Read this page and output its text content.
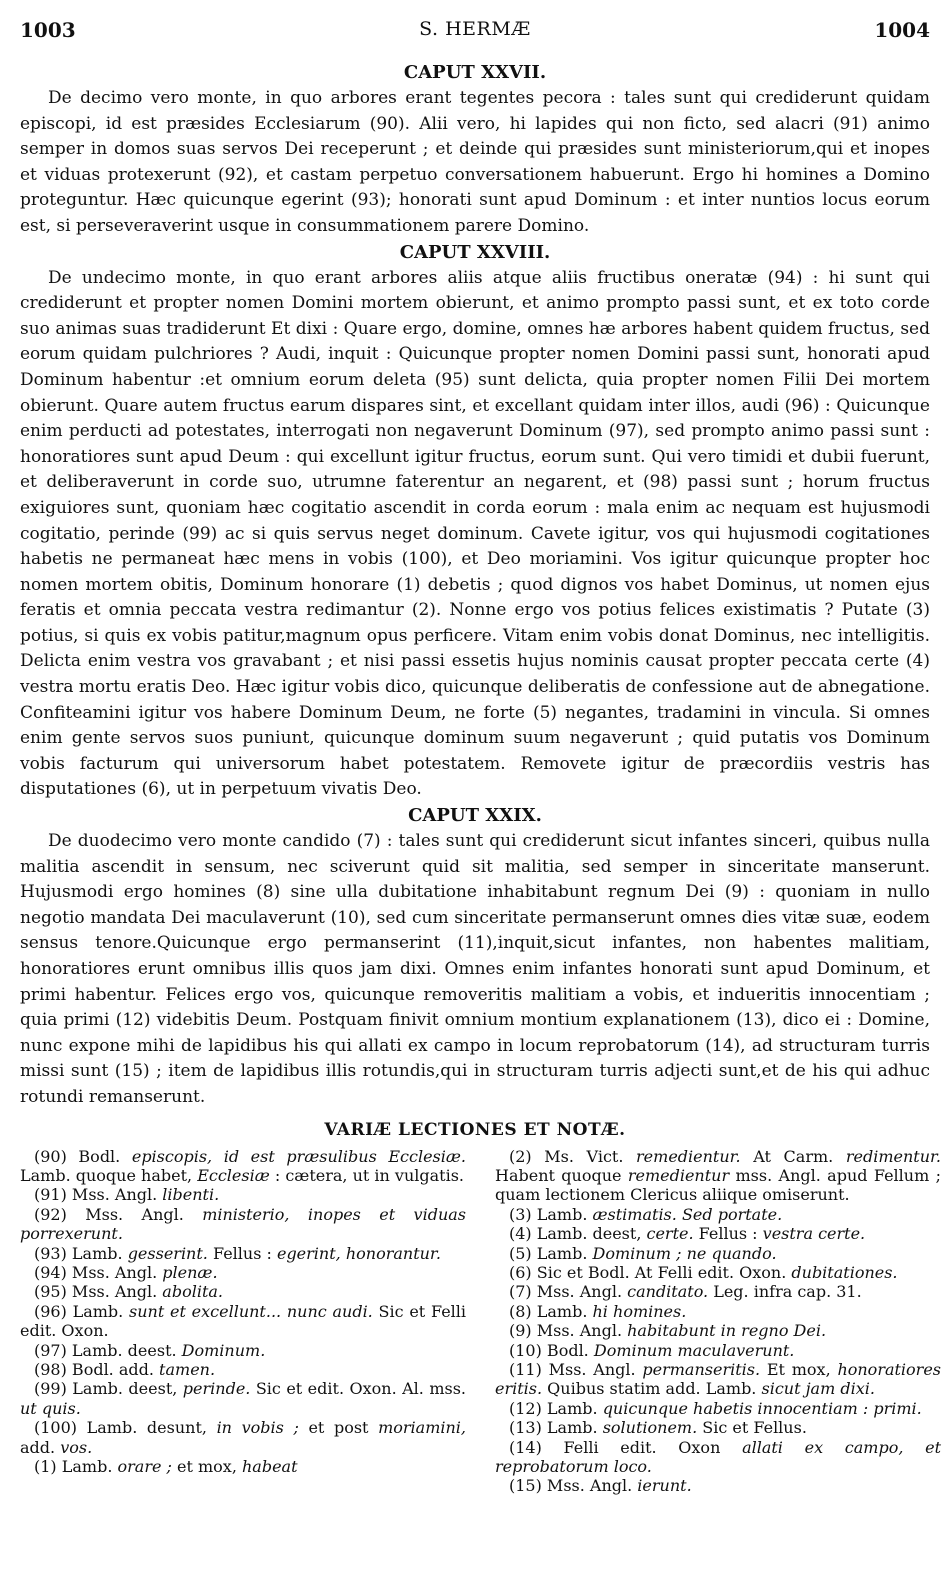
1003	S. HERMÆ	1004
CAPUT XXVII.

De decimo vero monte, in quo arbores erant tegentes pecora : tales sunt qui crediderunt quidam episcopi, id est præsides Ecclesiarum (90). Alii vero, hi lapides qui non ficto, sed alacri (91) animo semper in domos suas servos Dei receperunt ; et deinde qui præsides sunt ministeriorum,qui et inopes et viduas protexerunt (92), et castam perpetuo conversationem habuerunt. Ergo hi homines a Domino proteguntur. Hæc quicunque egerint (93); honorati sunt apud Dominum : et inter nuntios locus eorum est, si perseveraverint usque in consummationem parere Domino.

CAPUT XXVIII.

De undecimo monte, in quo erant arbores aliis atque aliis fructibus oneratæ (94) : hi sunt qui crediderunt et propter nomen Domini mortem obierunt, et animo prompto passi sunt, et ex toto corde suo animas suas tradiderunt Et dixi : Quare ergo, domine, omnes hæ arbores habent quidem fructus, sed eorum quidam pulchriores ? Audi, inquit : Quicunque propter nomen Domini passi sunt, honorati apud Dominum habentur :et omnium eorum deleta (95) sunt delicta, quia propter nomen Filii Dei mortem obierunt. Quare autem fructus earum dispares sint, et excellant quidam inter illos, audi (96) : Quicunque enim perducti ad potestates, interrogati non negaverunt Dominum (97), sed prompto animo passi sunt : honoratiores sunt apud Deum : qui excellunt igitur fructus, eorum sunt. Qui vero timidi et dubii fuerunt, et deliberaverunt in corde suo, utrumne faterentur an negarent, et (98) passi sunt ; horum fructus exiguiores sunt, quoniam hæc cogitatio ascendit in corda eorum : mala enim ac nequam est hujusmodi cogitatio, perinde (99) ac si quis servus neget dominum. Cavete igitur, vos qui hujusmodi cogitationes habetis ne permaneat hæc mens in vobis (100), et Deo moriamini. Vos igitur quicunque propter hoc nomen mortem obitis, Dominum honorare (1) debetis ; quod dignos vos habet Dominus, ut nomen ejus feratis et omnia peccata vestra redimantur (2). Nonne ergo vos potius felices existimatis ? Putate (3) potius, si quis ex vobis patitur,magnum opus perficere. Vitam enim vobis donat Dominus, nec intelligitis. Delicta enim vestra vos gravabant ; et nisi passi essetis hujus nominis causat propter peccata certe (4) vestra mortu eratis Deo. Hæc igitur vobis dico, quicunque deliberatis de confessione aut de abnegatione. Confiteamini igitur vos habere Dominum Deum, ne forte (5) negantes, tradamini in vincula. Si omnes enim gente servos suos puniunt, quicunque dominum suum negaverunt ; quid putatis vos Dominum vobis facturum qui universorum habet potestatem. Removete igitur de præcordiis vestris has disputationes (6), ut in perpetuum vivatis Deo.

CAPUT XXIX.

De duodecimo vero monte candido (7) : tales sunt qui crediderunt sicut infantes sinceri, quibus nulla malitia ascendit in sensum, nec sciverunt quid sit malitia, sed semper in sinceritate manserunt. Hujusmodi ergo homines (8) sine ulla dubitatione inhabitabunt regnum Dei (9) : quoniam in nullo negotio mandata Dei maculaverunt (10), sed cum sinceritate permanserunt omnes dies vitæ suæ, eodem sensus tenore.Quicunque ergo permanserint (11),inquit,sicut infantes, non habentes malitiam, honoratiores erunt omnibus illis quos jam dixi. Omnes enim infantes honorati sunt apud Dominum, et primi habentur. Felices ergo vos, quicunque removeritis malitiam a vobis, et indueritis innocentiam ; quia primi (12) videbitis Deum. Postquam finivit omnium montium explanationem (13), dico ei : Domine, nunc expone mihi de lapidibus his qui allati ex campo in locum reprobatorum (14), ad structuram turris missi sunt (15) ; item de lapidibus illis rotundis,qui in structuram turris adjecti sunt,et de his qui adhuc rotundi remanserunt.

VARIÆ LECTIONES ET NOTÆ.

(90) Bodl. episcopis, id est præsulibus Ecclesiæ. Lamb. quoque habet, Ecclesiæ : cætera, ut in vulgatis.

(91) Mss. Angl. libenti.

(92) Mss. Angl. ministerio, inopes et viduas porrexerunt.

(93) Lamb. gesserint. Fellus : egerint, honorantur.

(94) Mss. Angl. plenæ.

(95) Mss. Angl. abolita.

(96) Lamb. sunt et excellunt... nunc audi. Sic et Felli edit. Oxon.

(97) Lamb. deest. Dominum.

(98) Bodl. add. tamen.

(99) Lamb. deest, perinde. Sic et edit. Oxon. Al. mss. ut quis.

(100) Lamb. desunt, in vobis ; et post moriamini, add. vos.

(1) Lamb. orare ; et mox, habeat

(2) Ms. Vict. remedientur. At Carm. redimentur. Habent quoque remedientur mss. Angl. apud Fellum ; quam lectionem Clericus aliique omiserunt.

(3) Lamb. æstimatis. Sed portate.

(4) Lamb. deest, certe. Fellus : vestra certe.

(5) Lamb. Dominum ; ne quando.

(6) Sic et Bodl. At Felli edit. Oxon. dubitationes.

(7) Mss. Angl. canditato. Leg. infra cap. 31.

(8) Lamb. hi homines.

(9) Mss. Angl. habitabunt in regno Dei.

(10) Bodl. Dominum maculaverunt.

(11) Mss. Angl. permanseritis. Et mox, honoratiores eritis. Quibus statim add. Lamb. sicut jam dixi.

(12) Lamb. quicunque habetis innocentiam : primi.

(13) Lamb. solutionem. Sic et Fellus.

(14) Felli edit. Oxon allati ex campo, et reprobatorum loco.

(15) Mss. Angl. ierunt.
